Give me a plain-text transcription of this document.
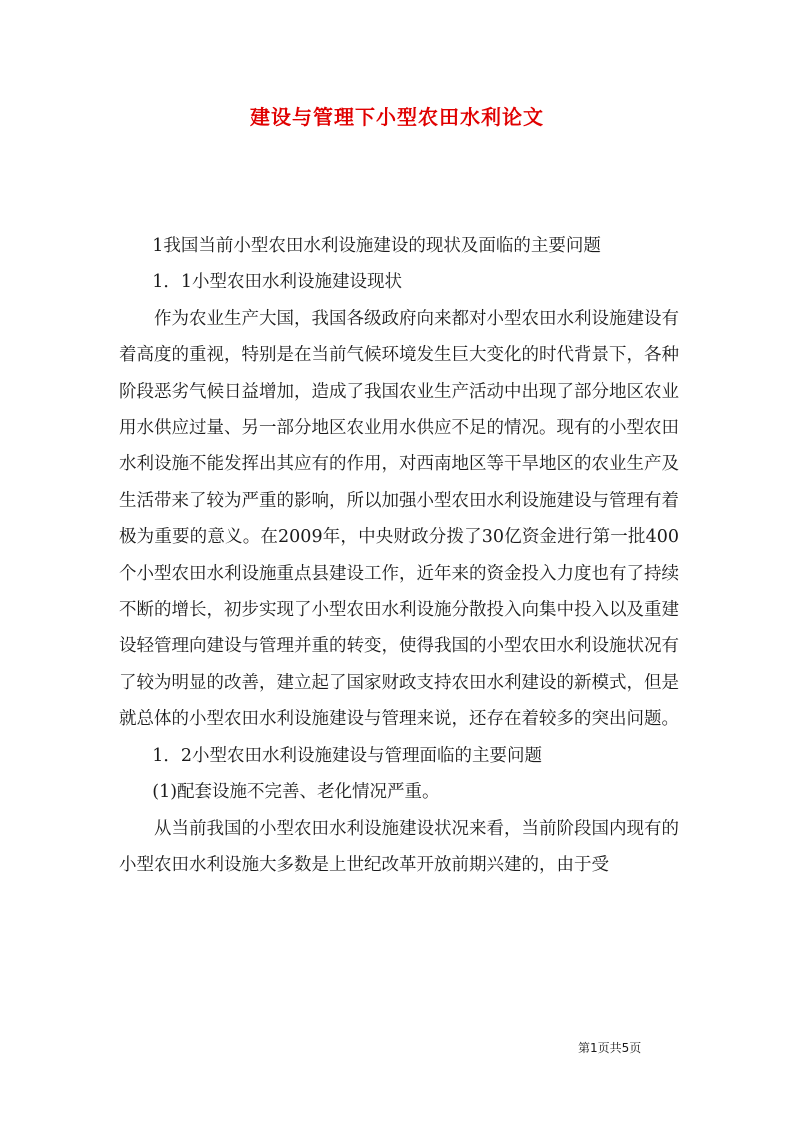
建设与管理下小型农田水利论文

1我国当前小型农田水利设施建设的现状及面临的主要问题

1．1小型农田水利设施建设现状

作为农业生产大国，我国各级政府向来都对小型农田水利设施建设有着高度的重视，特别是在当前气候环境发生巨大变化的时代背景下，各种阶段恶劣气候日益增加，造成了我国农业生产活动中出现了部分地区农业用水供应过量、另一部分地区农业用水供应不足的情况。现有的小型农田水利设施不能发挥出其应有的作用，对西南地区等干旱地区的农业生产及生活带来了较为严重的影响，所以加强小型农田水利设施建设与管理有着极为重要的意义。在2009年，中央财政分拨了30亿资金进行第一批400个小型农田水利设施重点县建设工作，近年来的资金投入力度也有了持续不断的增长，初步实现了小型农田水利设施分散投入向集中投入以及重建设轻管理向建设与管理并重的转变，使得我国的小型农田水利设施状况有了较为明显的改善，建立起了国家财政支持农田水利建设的新模式，但是就总体的小型农田水利设施建设与管理来说，还存在着较多的突出问题。

1．2小型农田水利设施建设与管理面临的主要问题

(1)配套设施不完善、老化情况严重。

从当前我国的小型农田水利设施建设状况来看，当前阶段国内现有的小型农田水利设施大多数是上世纪改革开放前期兴建的，由于受

第1页共5页
